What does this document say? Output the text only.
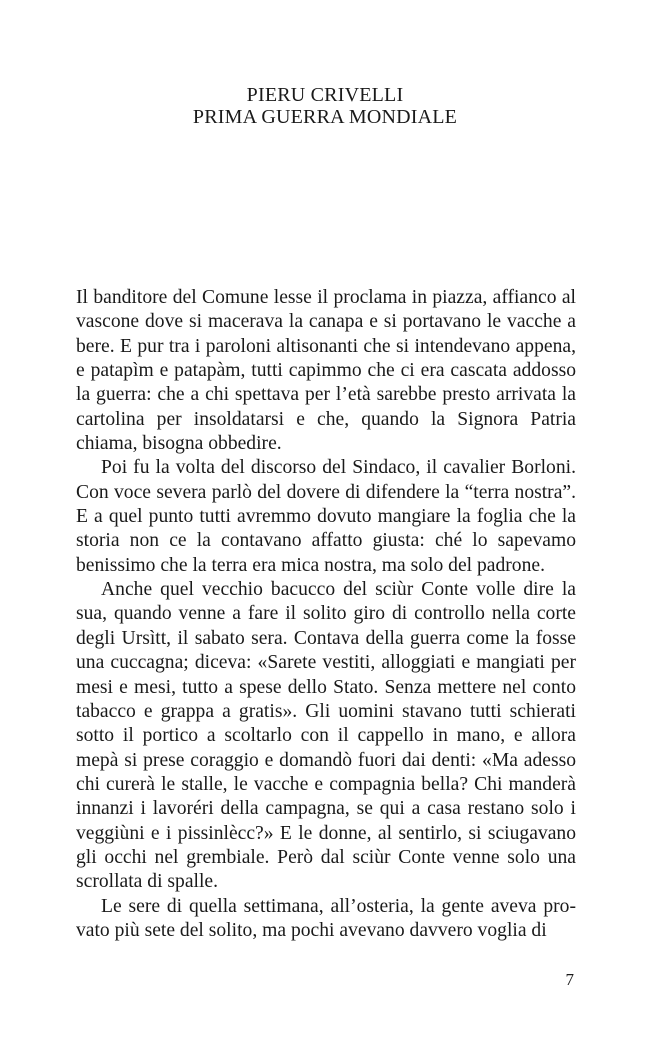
PIERU CRIVELLI
PRIMA GUERRA MONDIALE

Il banditore del Comune lesse il proclama in piazza, affianco al vascone dove si macerava la canapa e si portavano le vacche a bere. E pur tra i paroloni altisonanti che si intendevano appena, e patapìm e patapàm, tutti capimmo che ci era cascata addosso la guerra: che a chi spettava per l’età sarebbe presto arrivata la cartolina per insoldatarsi e che, quando la Signora Patria chiama, bisogna obbedire.

Poi fu la volta del discorso del Sindaco, il cavalier Borloni. Con voce severa parlò del dovere di difendere la “terra nostra”. E a quel punto tutti avremmo dovuto mangiare la foglia che la storia non ce la contavano affatto giusta: ché lo sapevamo benissimo che la terra era mica nostra, ma solo del padrone.

Anche quel vecchio bacucco del sciùr Conte volle dire la sua, quando venne a fare il solito giro di controllo nella corte degli Ursìtt, il sabato sera. Contava della guerra come la fosse una cuccagna; diceva: «Sarete vestiti, alloggiati e mangiati per mesi e mesi, tutto a spese dello Stato. Senza mettere nel conto tabacco e grappa a gratis». Gli uomini stavano tutti schierati sotto il portico a scoltarlo con il cappello in mano, e allora mepà si prese coraggio e domandò fuori dai denti: «Ma adesso chi curerà le stalle, le vacche e compagnia bella? Chi manderà innanzi i lavoréri della campagna, se qui a casa restano solo i veggiùni e i pissinlècc?» E le donne, al sentirlo, si sciugavano gli occhi nel grembiale. Però dal sciùr Conte venne solo una scrollata di spalle.

Le sere di quella settimana, all’osteria, la gente aveva provato più sete del solito, ma pochi avevano davvero voglia di

7
